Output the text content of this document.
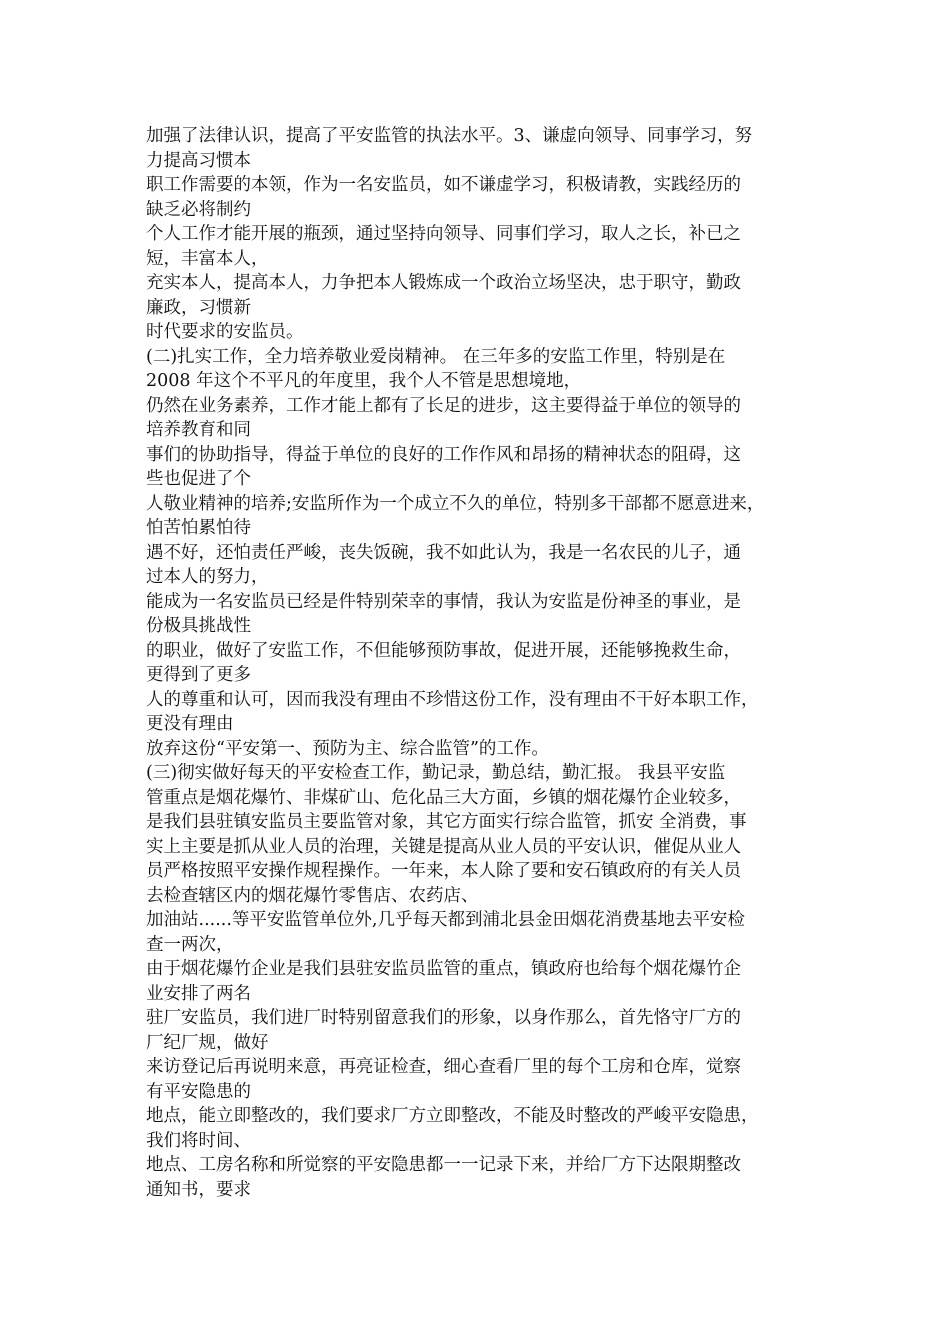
加强了法律认识，提高了平安监管的执法水平。3、谦虚向领导、同事学习，努
力提高习惯本
职工作需要的本领，作为一名安监员，如不谦虚学习，积极请教，实践经历的
缺乏必将制约
个人工作才能开展的瓶颈，通过坚持向领导、同事们学习，取人之长，补已之
短，丰富本人，
充实本人，提高本人，力争把本人锻炼成一个政治立场坚决，忠于职守，勤政
廉政，习惯新
时代要求的安监员。
(二)扎实工作，全力培养敬业爱岗精神。 在三年多的安监工作里，特别是在
2008 年这个不平凡的年度里，我个人不管是思想境地，
仍然在业务素养，工作才能上都有了长足的进步，这主要得益于单位的领导的
培养教育和同
事们的协助指导，得益于单位的良好的工作作风和昂扬的精神状态的阻碍，这
些也促进了个
人敬业精神的培养;安监所作为一个成立不久的单位，特别多干部都不愿意进来，
怕苦怕累怕待
遇不好，还怕责任严峻，丧失饭碗，我不如此认为，我是一名农民的儿子，通
过本人的努力，
能成为一名安监员已经是件特别荣幸的事情，我认为安监是份神圣的事业，是
份极具挑战性
的职业，做好了安监工作，不但能够预防事故，促进开展，还能够挽救生命，
更得到了更多
人的尊重和认可，因而我没有理由不珍惜这份工作，没有理由不干好本职工作，
更没有理由
放弃这份“平安第一、预防为主、综合监管”的工作。
(三)彻实做好每天的平安检查工作，勤记录，勤总结，勤汇报。 我县平安监
管重点是烟花爆竹、非煤矿山、危化品三大方面，乡镇的烟花爆竹企业较多，
是我们县驻镇安监员主要监管对象，其它方面实行综合监管，抓安 全消费，事
实上主要是抓从业人员的治理，关键是提高从业人员的平安认识，催促从业人
员严格按照平安操作规程操作。一年来，本人除了要和安石镇政府的有关人员
去检查辖区内的烟花爆竹零售店、农药店、
加油站......等平安监管单位外,几乎每天都到浦北县金田烟花消费基地去平安检
查一两次，
由于烟花爆竹企业是我们县驻安监员监管的重点，镇政府也给每个烟花爆竹企
业安排了两名
驻厂安监员，我们进厂时特别留意我们的形象，以身作那么，首先恪守厂方的
厂纪厂规，做好
来访登记后再说明来意，再亮证检查，细心查看厂里的每个工房和仓库，觉察
有平安隐患的
地点，能立即整改的，我们要求厂方立即整改，不能及时整改的严峻平安隐患，
我们将时间、
地点、工房名称和所觉察的平安隐患都一一记录下来，并给厂方下达限期整改
通知书，要求
